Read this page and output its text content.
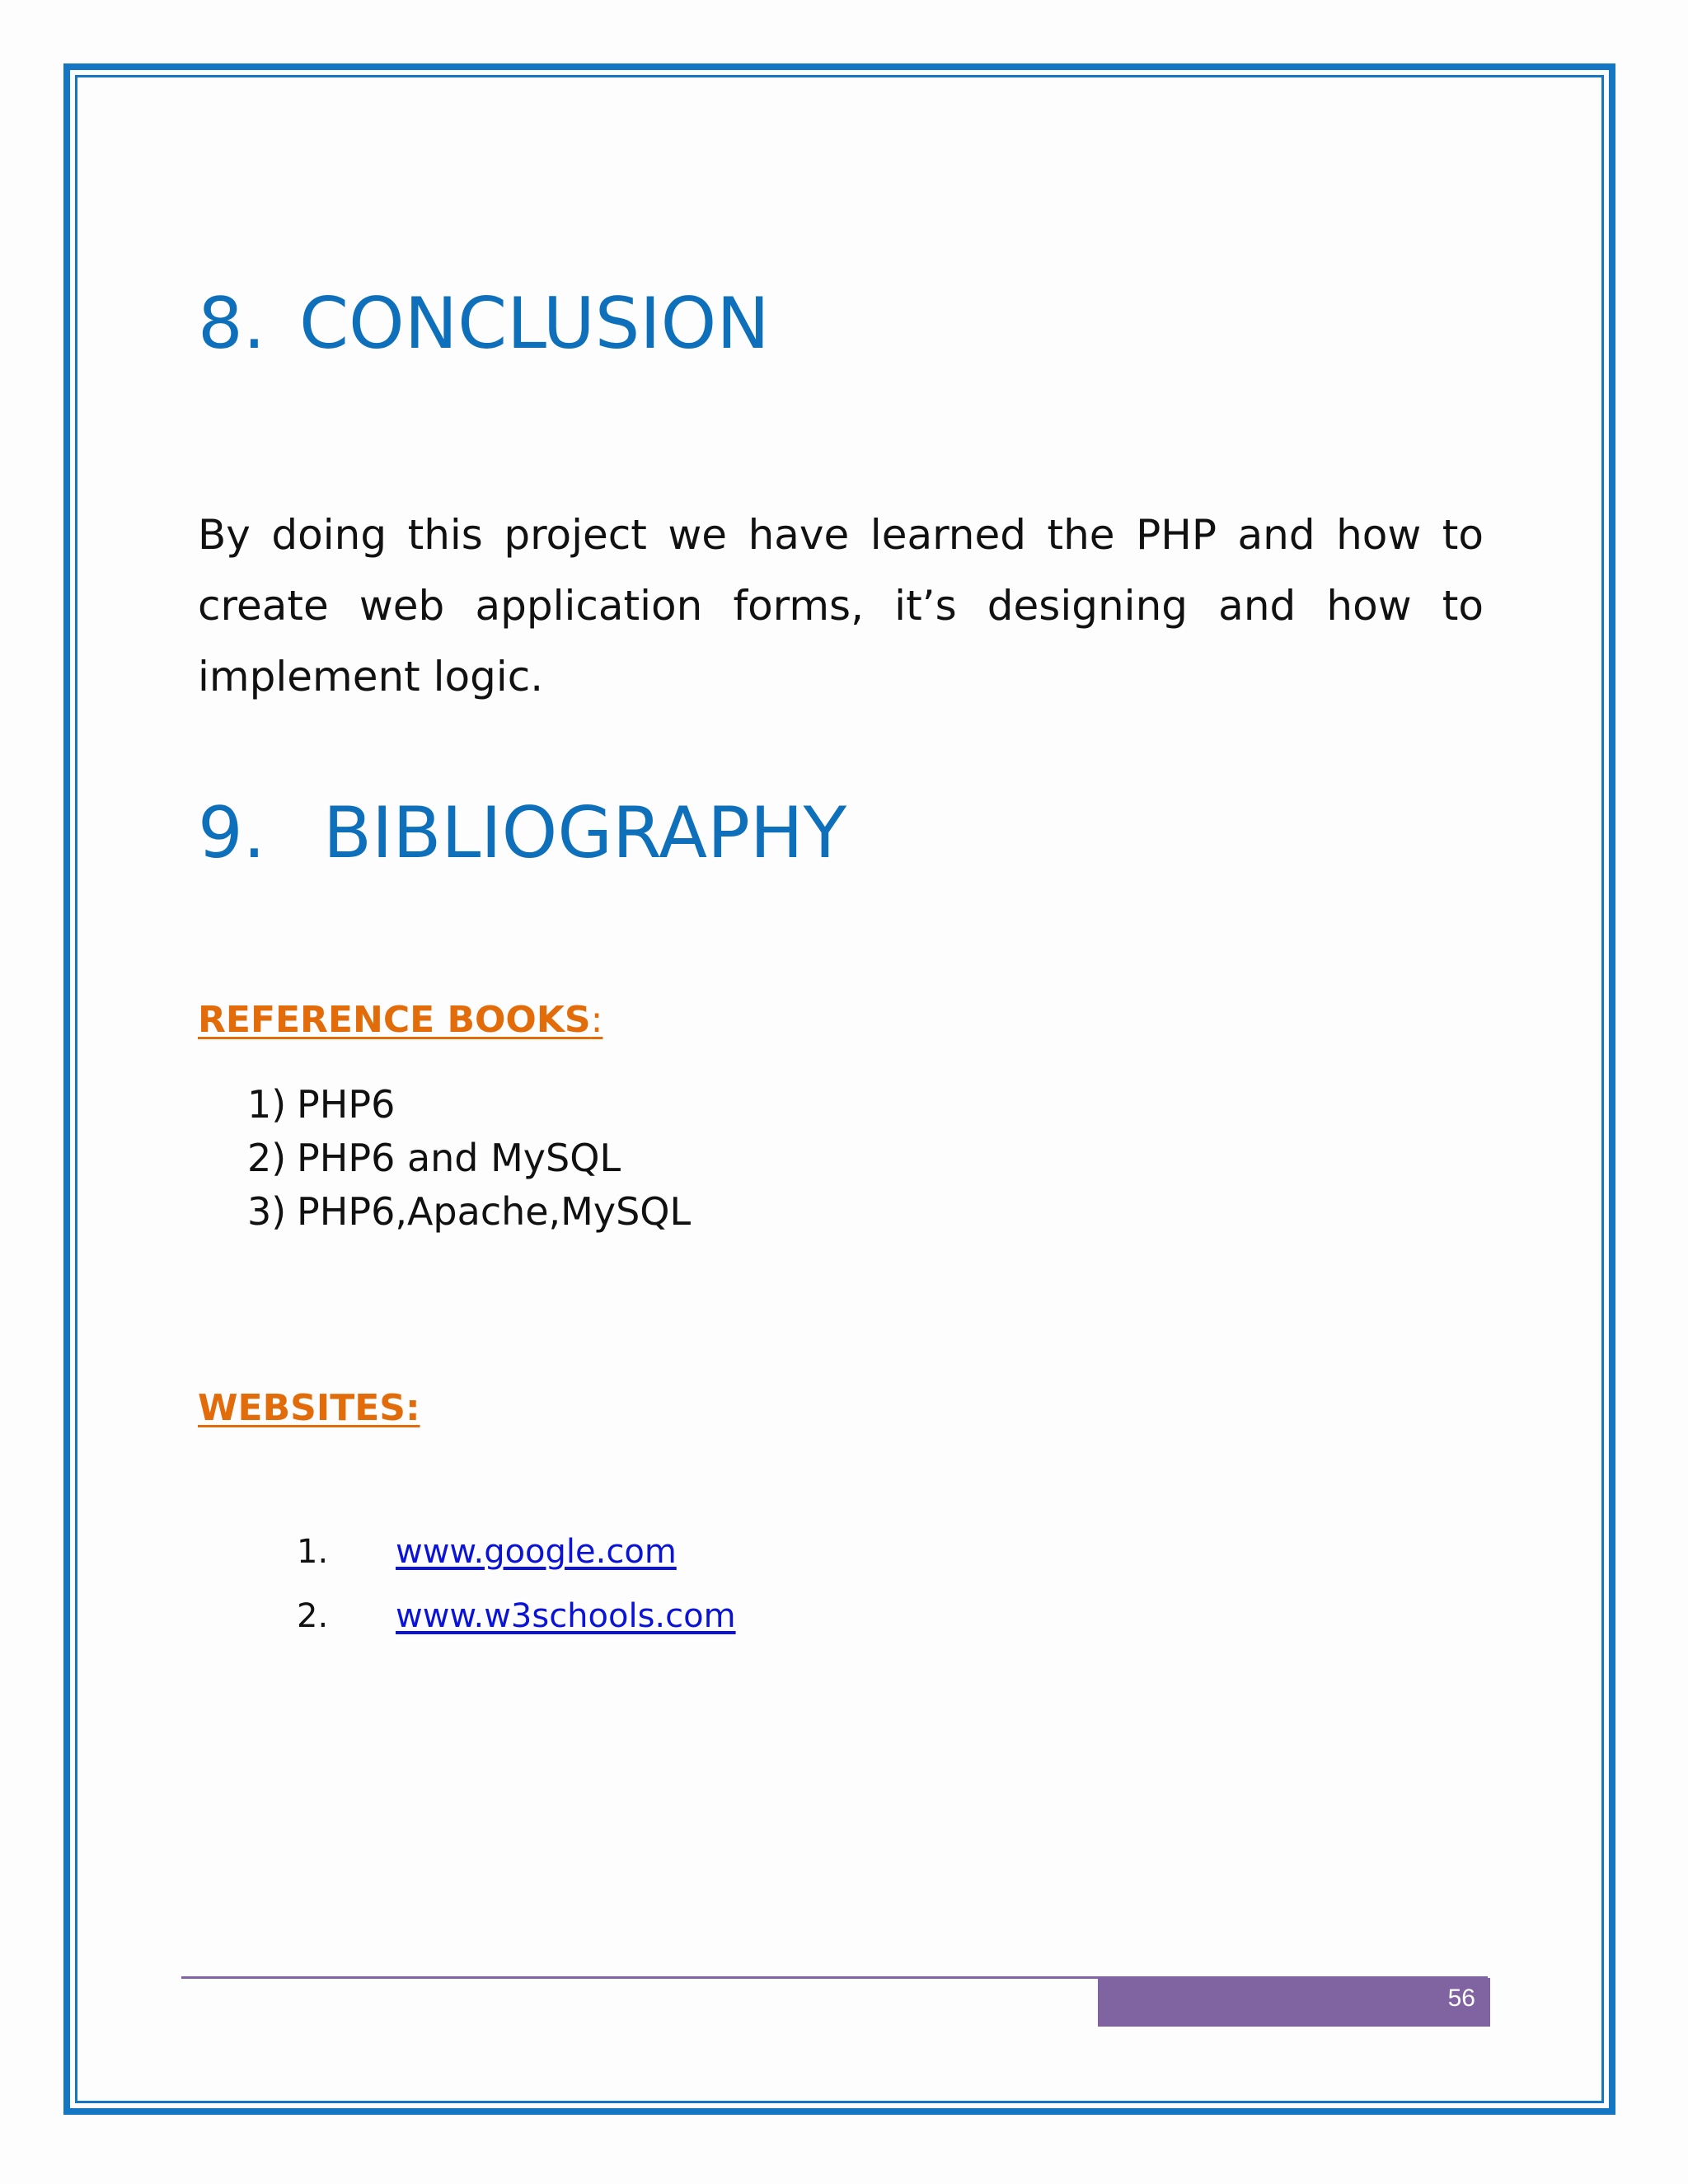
8. CONCLUSION

By doing this project we have learned the PHP and how to create web application forms, it’s designing and how to implement logic.

9. BIBLIOGRAPHY
REFERENCE BOOKS:
1) PHP6
2) PHP6 and MySQL
3) PHP6,Apache,MySQL
WEBSITES:
1. www.google.com
2. www.w3schools.com
56
